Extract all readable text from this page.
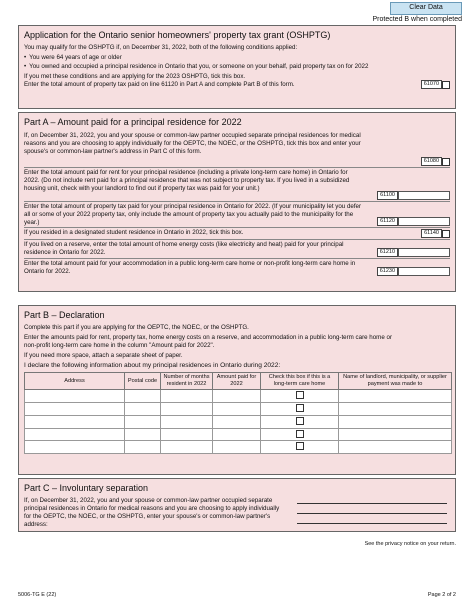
Clear Data
Protected B when completed
Application for the Ontario senior homeowners' property tax grant (OSHPTG)
You may qualify for the OSHPTG if, on December 31, 2022, both of the following conditions applied:
• You were 64 years of age or older
• You owned and occupied a principal residence in Ontario that you, or someone on your behalf, paid property tax on for 2022
If you met these conditions and are applying for the 2023 OSHPTG, tick this box.
Enter the total amount of property tax paid on line 61120 in Part A and complete Part B of this form.	61070
Part A – Amount paid for a principal residence for 2022
If, on December 31, 2022, you and your spouse or common-law partner occupied separate principal residences for medical reasons and you are choosing to apply individually for the OEPTC, the NOEC, or the OSHPTG, tick this box and enter your spouse's or common-law partner's address in Part C of this form.
61080
Enter the total amount paid for rent for your principal residence (including a private long-term care home) in Ontario for 2022. (Do not include rent paid for a principal residence that was not subject to property tax. If you lived in a subsidized housing unit, check with your landlord to find out if property tax was paid for your unit.)
61100
Enter the total amount of property tax paid for your principal residence in Ontario for 2022. (If your municipality let you defer all or some of your 2022 property tax, only include the amount of property tax you actually paid to the municipality for the year.)	61120
If you resided in a designated student residence in Ontario in 2022, tick this box.	61140
If you lived on a reserve, enter the total amount of home energy costs (like electricity and heat) paid for your principal residence in Ontario for 2022.	61210
Enter the total amount paid for your accommodation in a public long-term care home or non-profit long-term care home in Ontario for 2022.	61230
Part B – Declaration
Complete this part if you are applying for the OEPTC, the NOEC, or the OSHPTG.
Enter the amounts paid for rent, property tax, home energy costs on a reserve, and accommodation in a public long-term care home or non-profit long-term care home in the column "Amount paid for 2022".
If you need more space, attach a separate sheet of paper.
I declare the following information about my principal residences in Ontario during 2022:
Address	Postal code	Number of months resident in 2022	Amount paid for 2022	Check this box if this is a long-term care home	Name of landlord, municipality, or supplier payment was made to

Part C – Involuntary separation
If, on December 31, 2022, you and your spouse or common-law partner occupied separate principal residences in Ontario for medical reasons and you are choosing to apply individually for the OEPTC, the NOEC, or the OSHPTG, enter your spouse's or common-law partner's address:
See the privacy notice on your return.
5006-TG E (22)	Page 2 of 2
